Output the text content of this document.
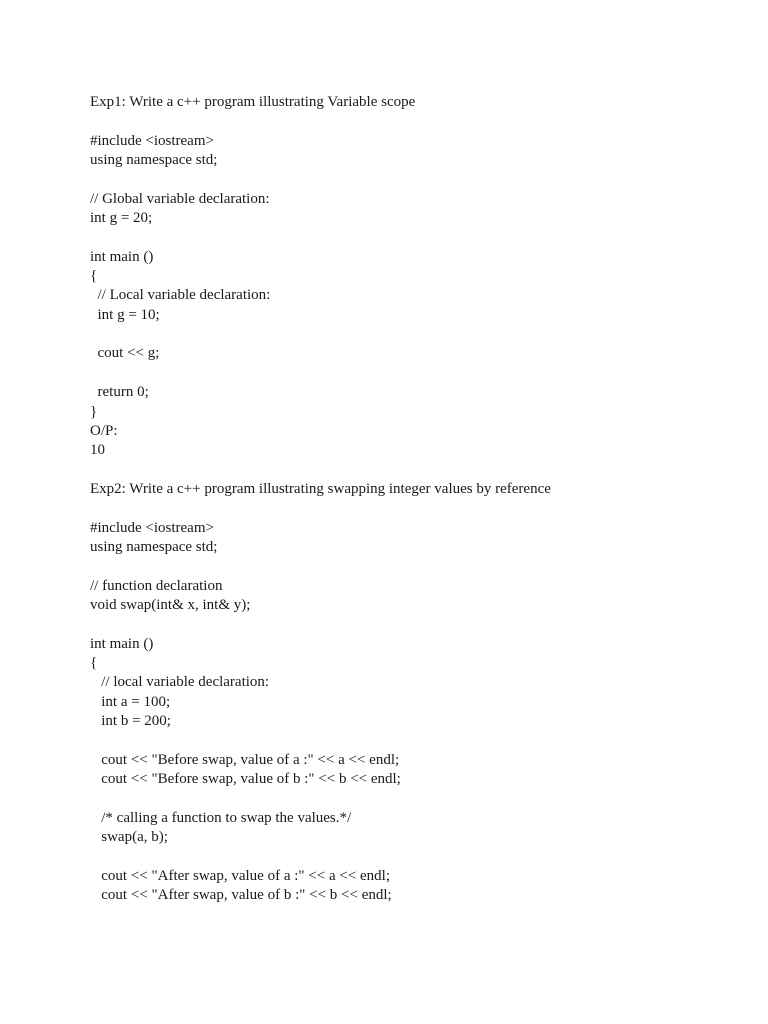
Exp1: Write a c++ program illustrating Variable scope
#include <iostream>
using namespace std;
// Global variable declaration:
int g = 20;
int main ()
{
// Local variable declaration:
int g = 10;
cout << g;
return 0;
}
O/P:
10
Exp2: Write a c++ program illustrating swapping integer values by reference
#include <iostream>
using namespace std;
// function declaration
void swap(int& x, int& y);
int main ()
{
// local variable declaration:
int a = 100;
int b = 200;
cout << "Before swap, value of a :" << a << endl;
cout << "Before swap, value of b :" << b << endl;
/* calling a function to swap the values.*/
swap(a, b);
cout << "After swap, value of a :" << a << endl;
cout << "After swap, value of b :" << b << endl;
